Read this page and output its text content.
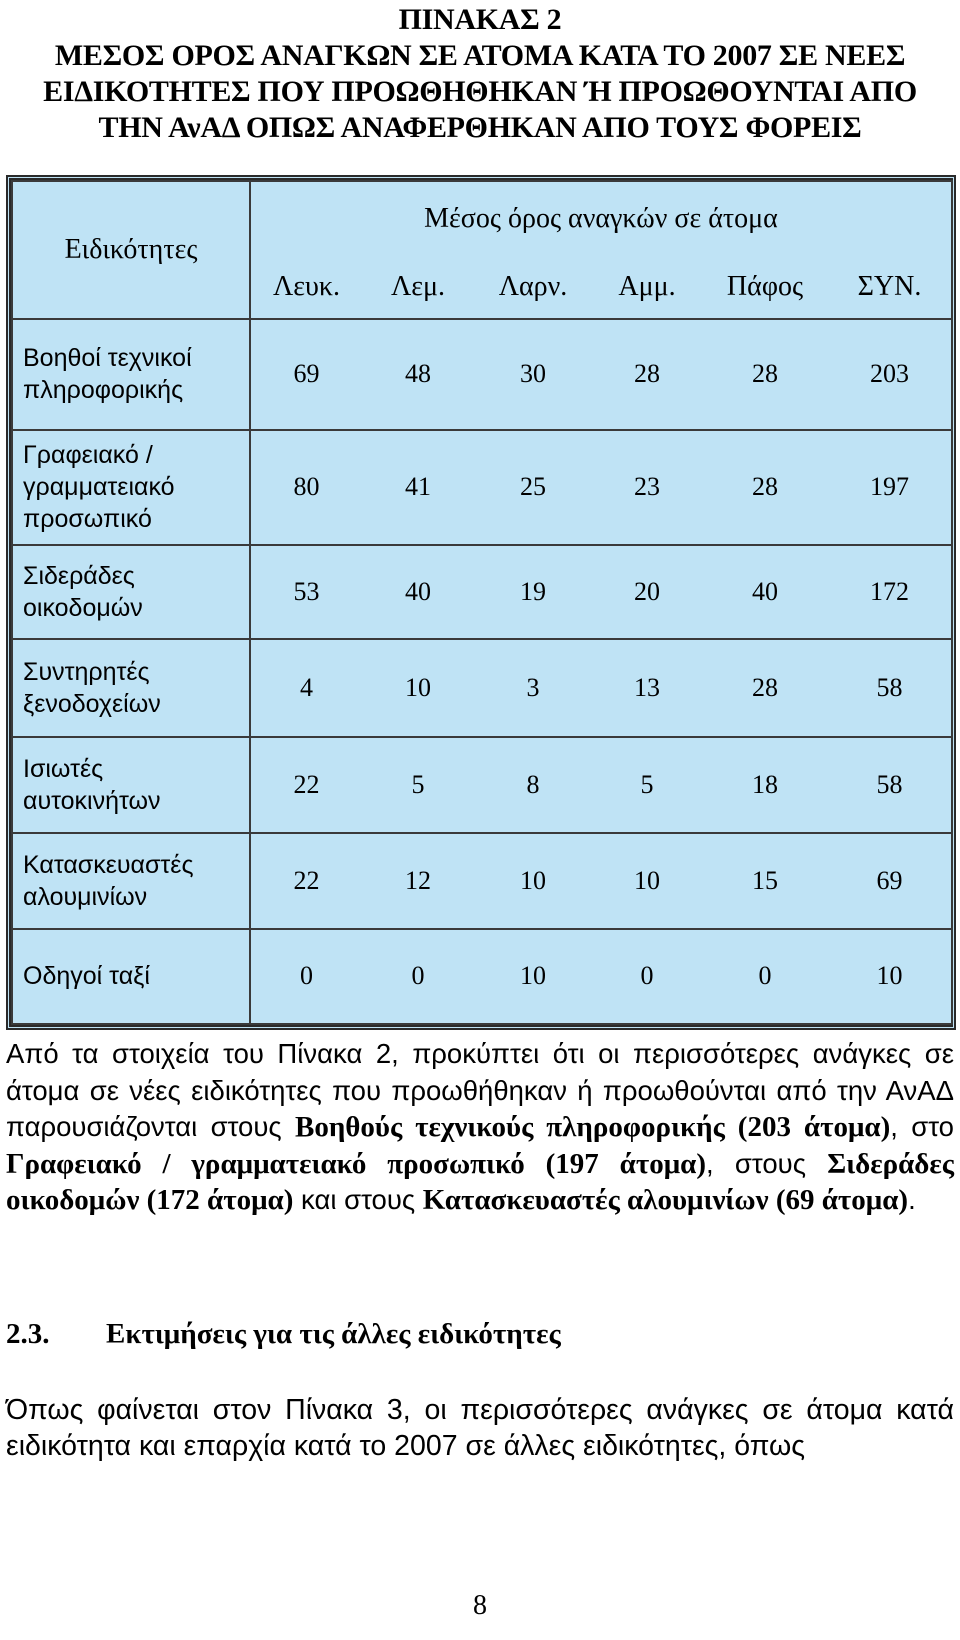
ΠΙΝΑΚΑΣ 2
ΜΕΣΟΣ ΟΡΟΣ ΑΝΑΓΚΩΝ ΣΕ ΑΤΟΜΑ ΚΑΤΑ ΤΟ 2007 ΣΕ ΝΕΕΣ
ΕΙΔΙΚΟΤΗΤΕΣ ΠΟΥ ΠΡΟΩΘΗΘΗΚΑΝ Ή ΠΡΟΩΘΟΥΝΤΑΙ ΑΠΟ
ΤΗΝ ΑνΑΔ ΟΠΩΣ ΑΝΑΦΕΡΘΗΚΑΝ ΑΠΟ ΤΟΥΣ ΦΟΡΕΙΣ
Ειδικότητες	Μέσος όρος αναγκών σε άτομα					
	Λευκ.	Λεμ.	Λαρν.	Αμμ.	Πάφος	ΣΥΝ.

Βοηθοί τεχνικοί
πληροφορικής	69	48	30	28	28	203

Γραφειακό /
γραμματειακό
προσωπικό	80	41	25	23	28	197

Σιδεράδες
οικοδομών	53	40	19	20	40	172

Συντηρητές
ξενοδοχείων	4	10	3	13	28	58

Ισιωτές
αυτοκινήτων	22	5	8	5	18	58

Κατασκευαστές
αλουμινίων	22	12	10	10	15	69

Οδηγοί ταξί	0	0	10	0	0	10
Από τα στοιχεία του Πίνακα 2, προκύπτει ότι οι περισσότερες ανάγκες σε άτομα σε νέες ειδικότητες που προωθήθηκαν ή προωθούνται από την ΑνΑΔ παρουσιάζονται στους Βοηθούς τεχνικούς πληροφορικής (203 άτομα), στο Γραφειακό / γραμματειακό προσωπικό (197 άτομα), στους Σιδεράδες οικοδομών (172 άτομα) και στους Κατασκευαστές αλουμινίων (69 άτομα).
2.3. Εκτιμήσεις για τις άλλες ειδικότητες
Όπως φαίνεται στον Πίνακα 3, οι περισσότερες ανάγκες σε άτομα κατά ειδικότητα και επαρχία κατά το 2007 σε άλλες ειδικότητες, όπως
8
